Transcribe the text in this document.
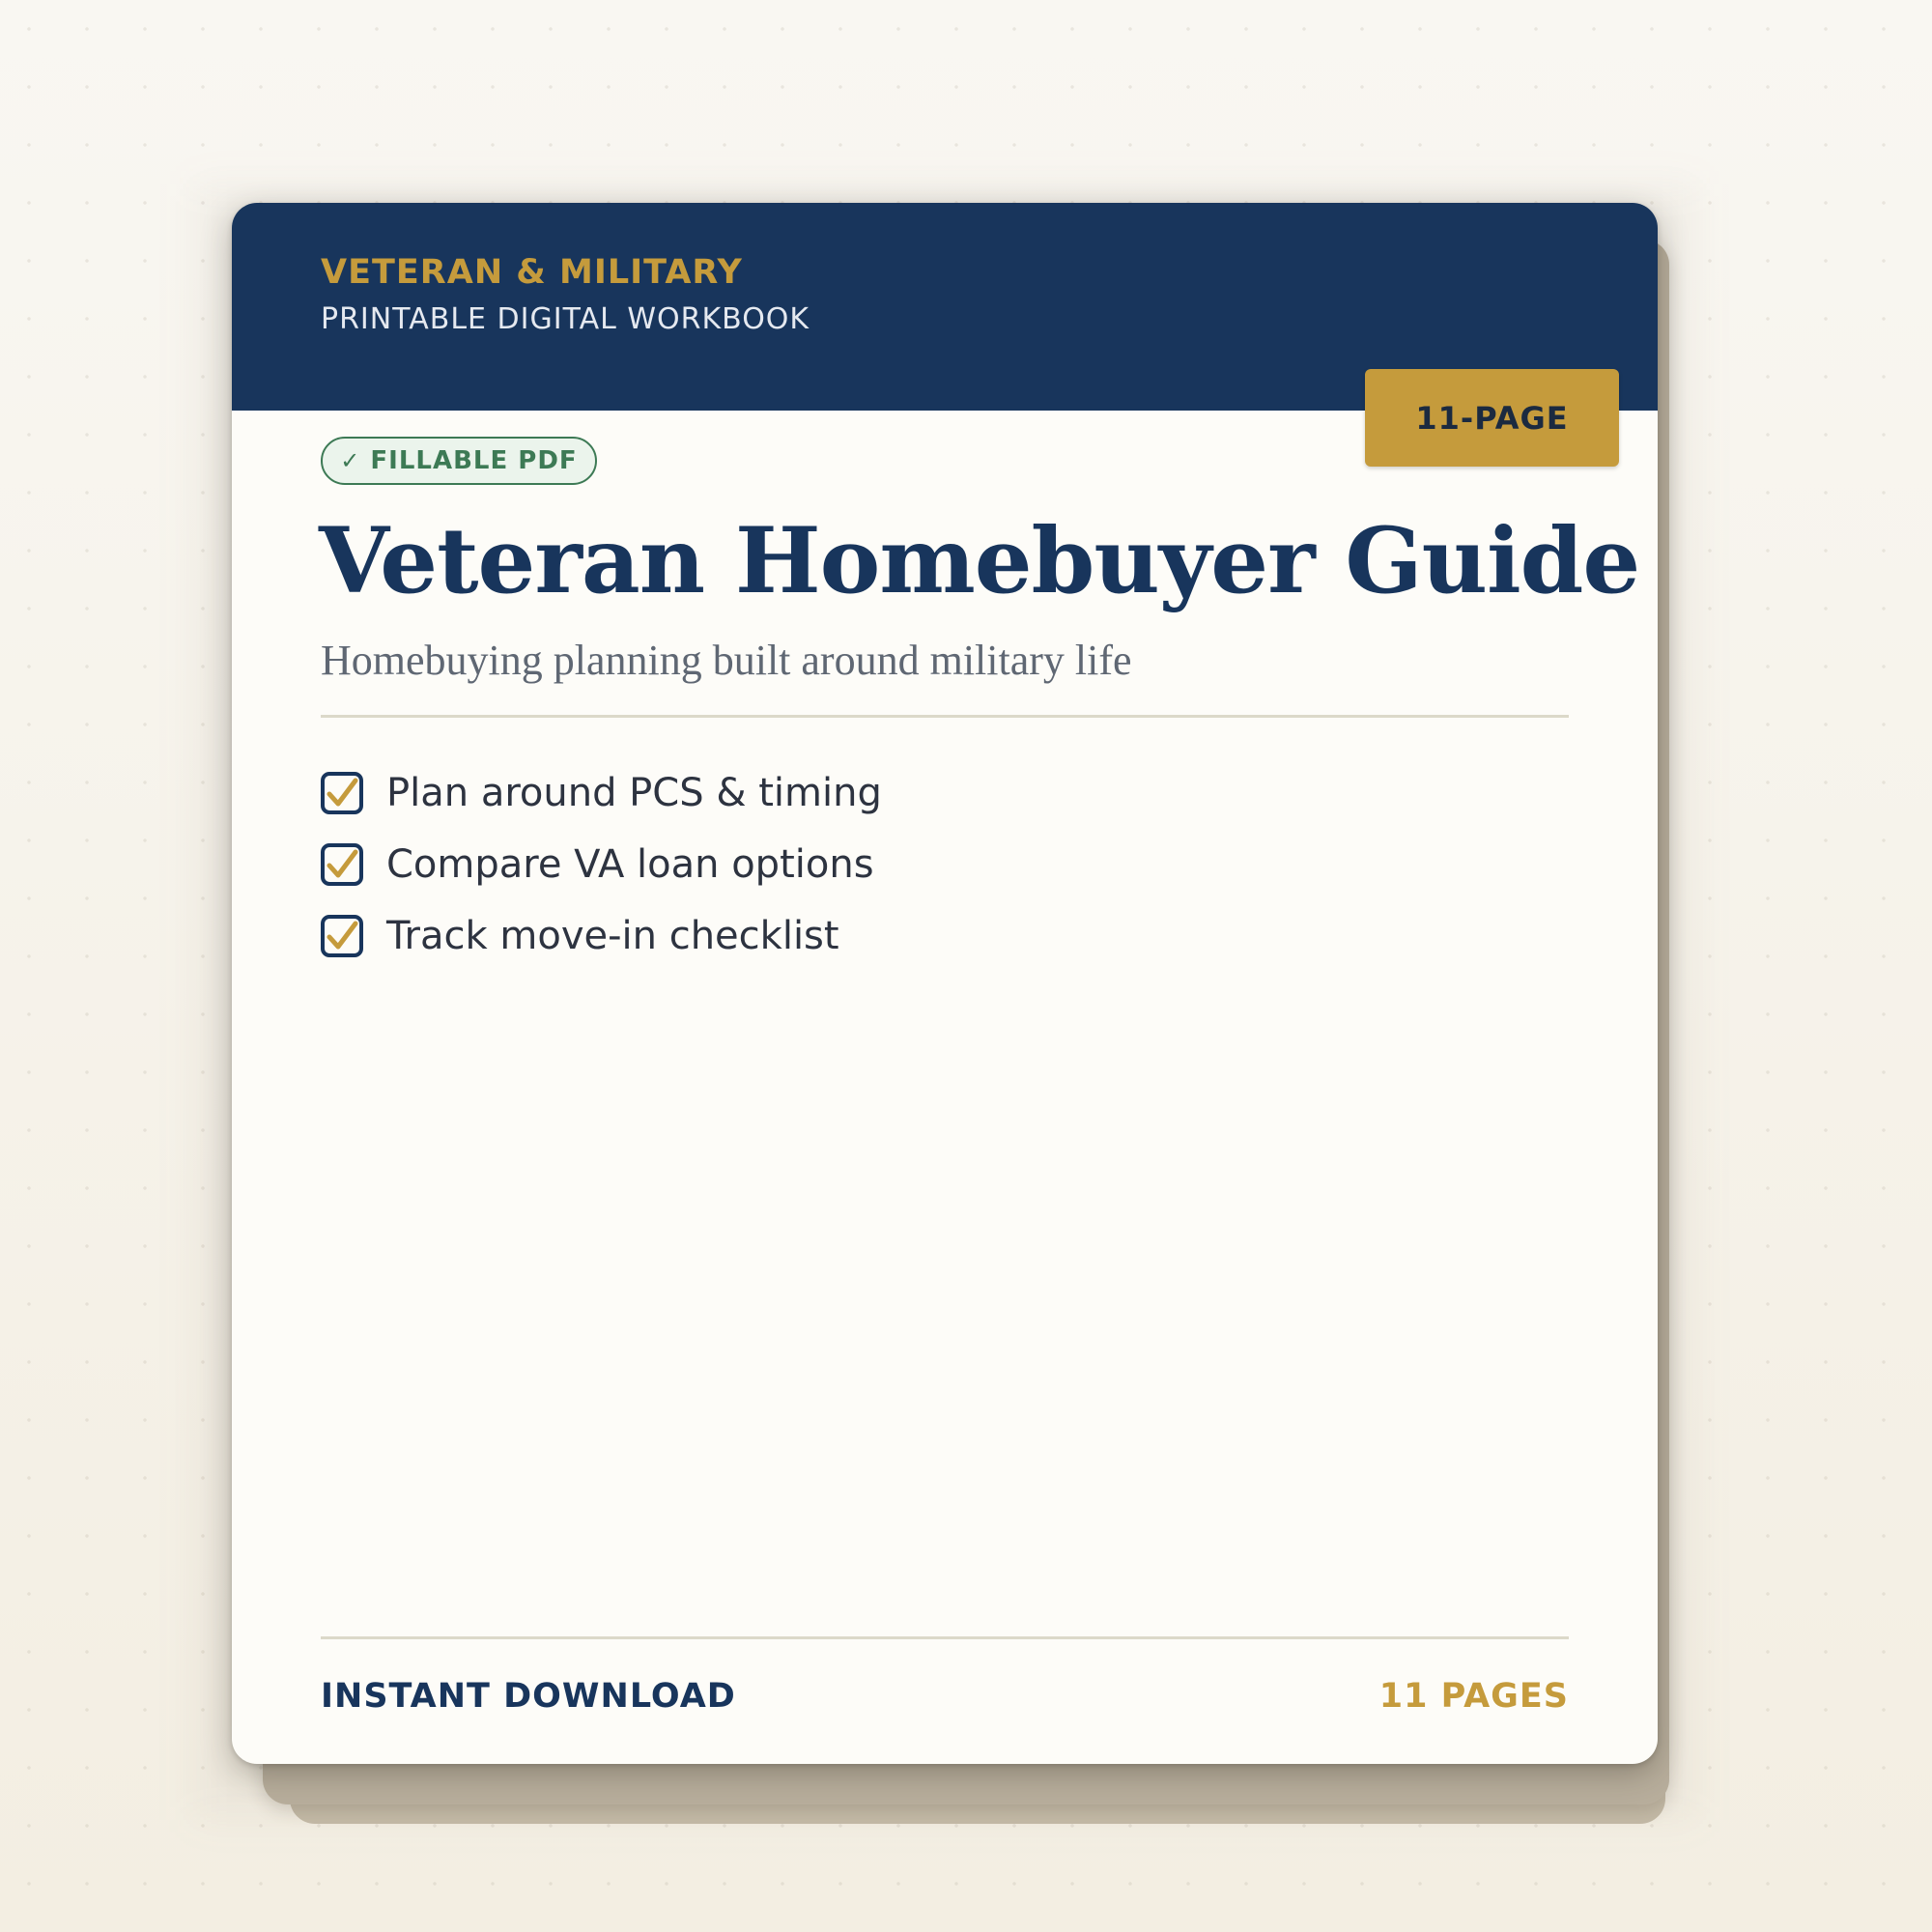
VETERAN & MILITARY
PRINTABLE DIGITAL WORKBOOK
11-PAGE
✓ FILLABLE PDF
Veteran Homebuyer Guide
Homebuying planning built around military life
Plan around PCS & timing
Compare VA loan options
Track move-in checklist
INSTANT DOWNLOAD	11 PAGES
